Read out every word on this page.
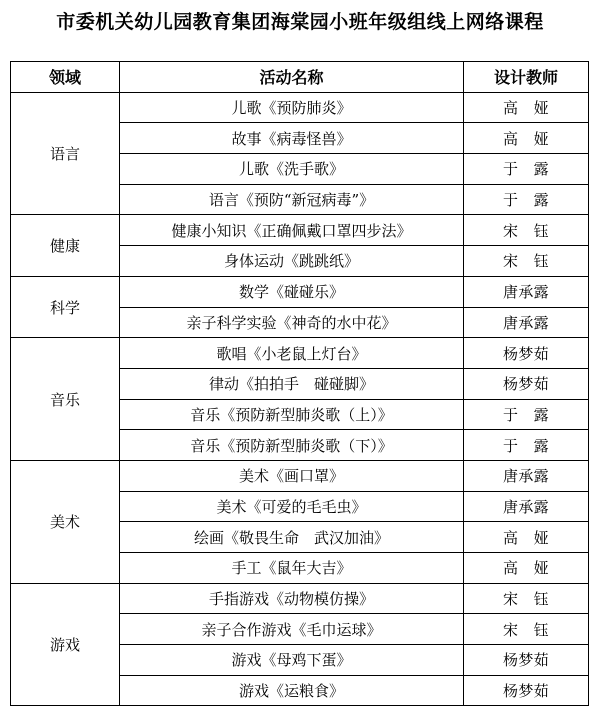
市委机关幼儿园教育集团海棠园小班年级组线上网络课程
领域	活动名称	设计教师
语言	儿歌《预防肺炎》	高　娅
	故事《病毒怪兽》	高　娅
	儿歌《洗手歌》	于　露
	语言《预防“新冠病毒”》	于　露
健康	健康小知识《正确佩戴口罩四步法》	宋　钰
	身体运动《跳跳纸》	宋　钰
科学	数学《碰碰乐》	唐承露
	亲子科学实验《神奇的水中花》	唐承露
音乐	歌唱《小老鼠上灯台》	杨梦茹
	律动《拍拍手　碰碰脚》	杨梦茹
	音乐《预防新型肺炎歌（上）》	于　露
	音乐《预防新型肺炎歌（下）》	于　露
美术	美术《画口罩》	唐承露
	美术《可爱的毛毛虫》	唐承露
	绘画《敬畏生命　武汉加油》	高　娅
	手工《鼠年大吉》	高　娅
游戏	手指游戏《动物模仿操》	宋　钰
	亲子合作游戏《毛巾运球》	宋　钰
	游戏《母鸡下蛋》	杨梦茹
	游戏《运粮食》	杨梦茹
